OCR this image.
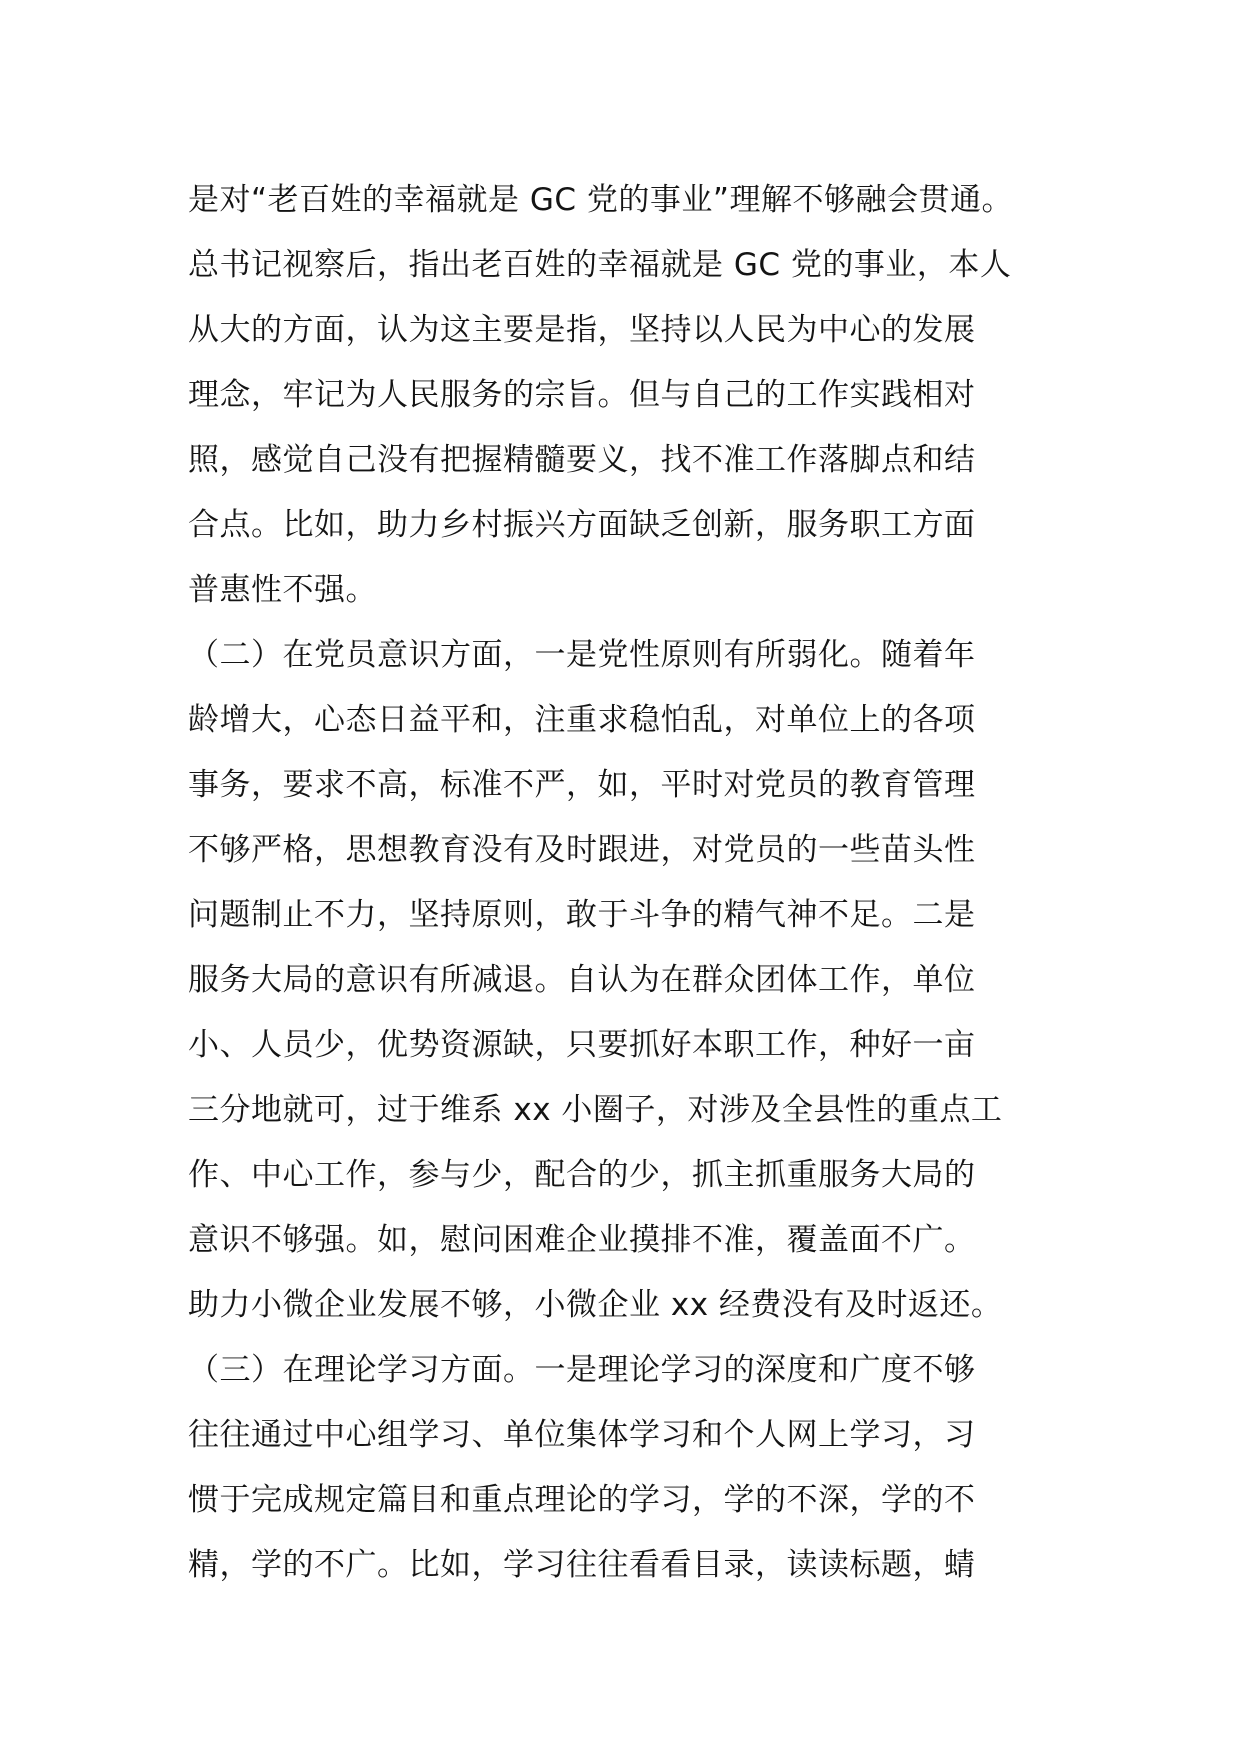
是对“老百姓的幸福就是 GC 党的事业”理解不够融会贯通。
总书记视察后，指出老百姓的幸福就是 GC 党的事业，本人
从大的方面，认为这主要是指，坚持以人民为中心的发展
理念，牢记为人民服务的宗旨。但与自己的工作实践相对
照，感觉自己没有把握精髓要义，找不准工作落脚点和结
合点。比如，助力乡村振兴方面缺乏创新，服务职工方面
普惠性不强。
（二）在党员意识方面，一是党性原则有所弱化。随着年
龄增大，心态日益平和，注重求稳怕乱，对单位上的各项
事务，要求不高，标准不严，如，平时对党员的教育管理
不够严格，思想教育没有及时跟进，对党员的一些苗头性
问题制止不力，坚持原则，敢于斗争的精气神不足。二是
服务大局的意识有所减退。自认为在群众团体工作，单位
小、人员少，优势资源缺，只要抓好本职工作，种好一亩
三分地就可，过于维系 xx 小圈子，对涉及全县性的重点工
作、中心工作，参与少，配合的少，抓主抓重服务大局的
意识不够强。如，慰问困难企业摸排不准，覆盖面不广。
助力小微企业发展不够，小微企业 xx 经费没有及时返还。
（三）在理论学习方面。一是理论学习的深度和广度不够
往往通过中心组学习、单位集体学习和个人网上学习，习
惯于完成规定篇目和重点理论的学习，学的不深，学的不
精，学的不广。比如，学习往往看看目录，读读标题，蜻
